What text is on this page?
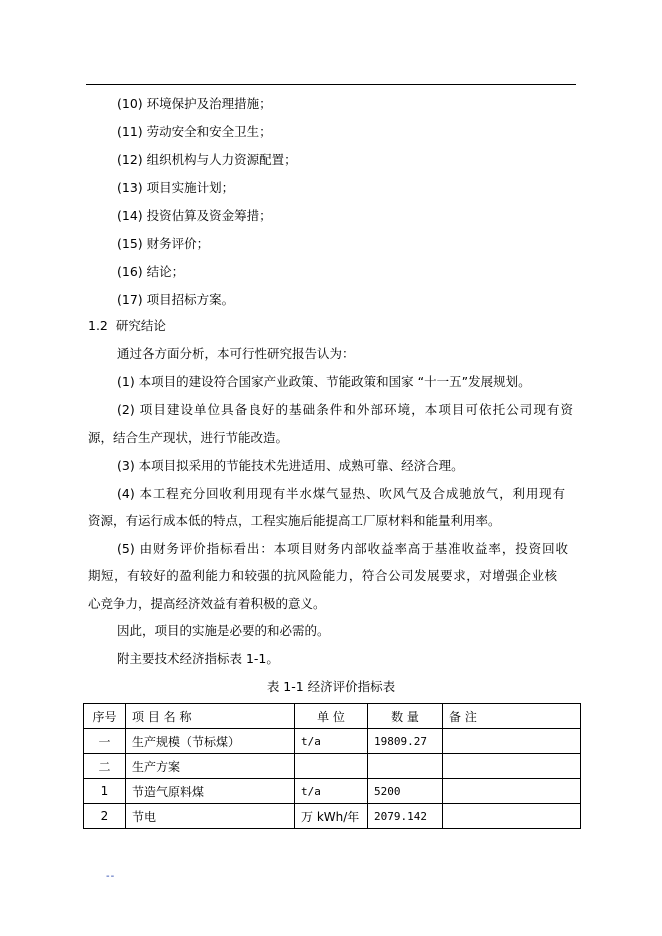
(10) 环境保护及治理措施；
(11) 劳动安全和安全卫生；
(12) 组织机构与人力资源配置；
(13) 项目实施计划；
(14) 投资估算及资金筹措；
(15) 财务评价；
(16) 结论；
(17) 项目招标方案。
1.2 研究结论
通过各方面分析，本可行性研究报告认为：
(1) 本项目的建设符合国家产业政策、节能政策和国家 “十一五”发展规划。
(2) 项目建设单位具备良好的基础条件和外部环境，本项目可依托公司现有资
源，结合生产现状，进行节能改造。
(3) 本项目拟采用的节能技术先进适用、成熟可靠、经济合理。
(4) 本工程充分回收利用现有半水煤气显热、吹风气及合成驰放气，利用现有
资源，有运行成本低的特点，工程实施后能提高工厂原材料和能量利用率。
(5) 由财务评价指标看出：本项目财务内部收益率高于基准收益率，投资回收
期短，有较好的盈利能力和较强的抗风险能力，符合公司发展要求，对增强企业核
心竞争力，提高经济效益有着积极的意义。
因此，项目的实施是必要的和必需的。
附主要技术经济指标表 1-1。
表 1-1 经济评价指标表
序号	项 目 名 称	单 位	数 量	备 注
一	生产规模（节标煤）	t/a	19809.27	
二	生产方案			
1	节造气原料煤	t/a	5200	
2	节电	万 kWh/年	2079.142	
--
